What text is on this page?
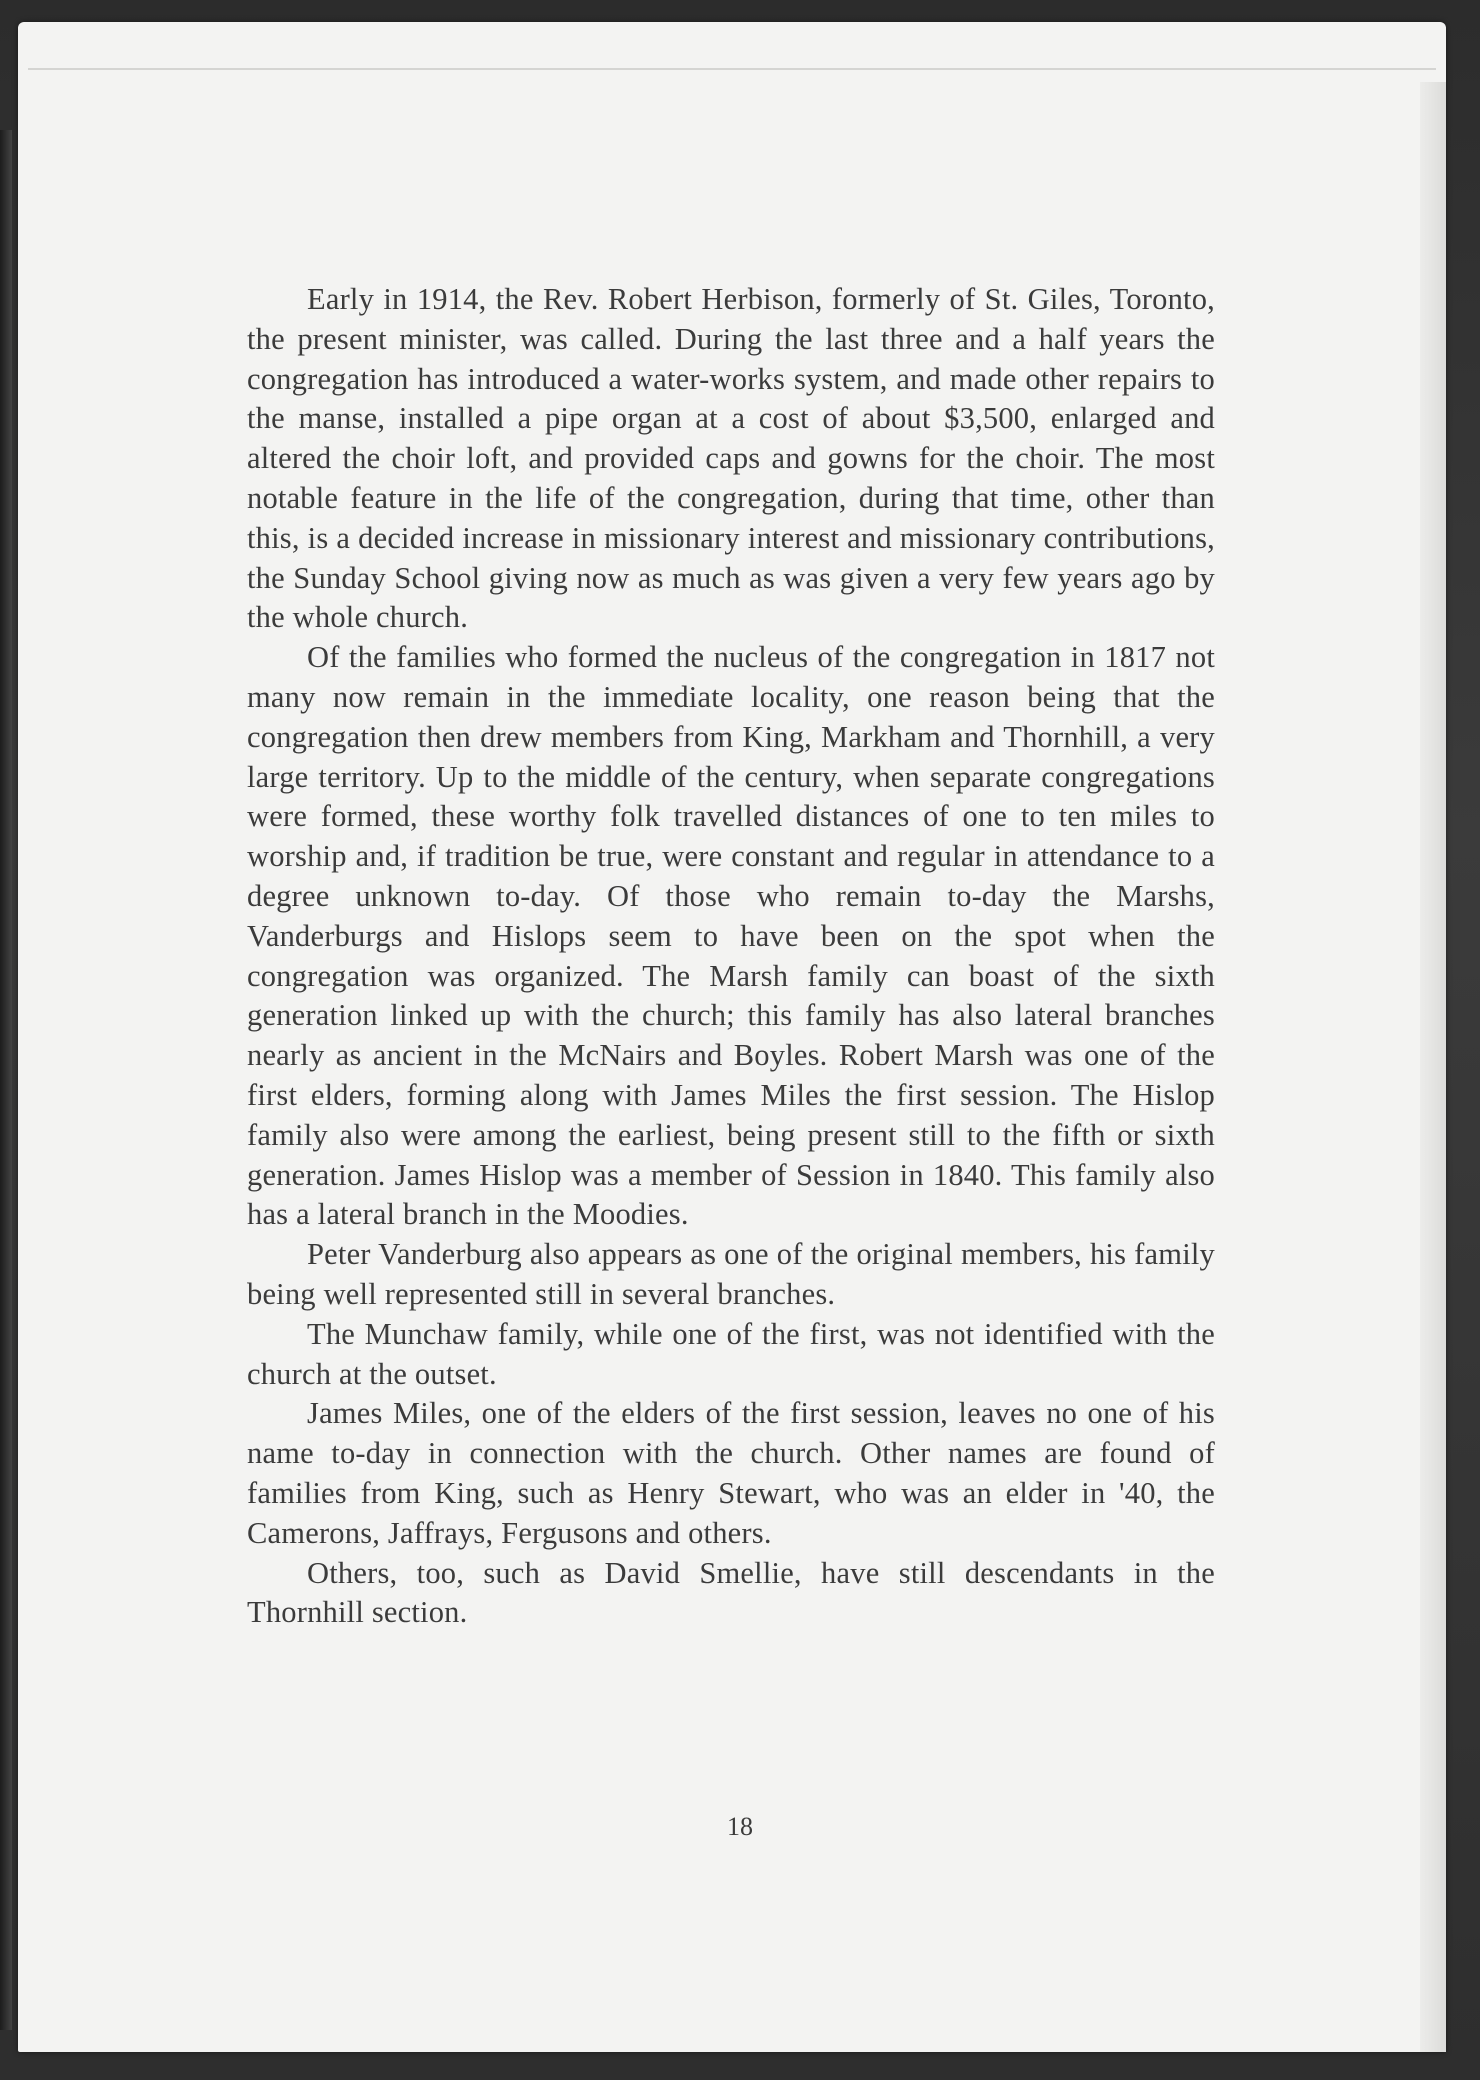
Early in 1914, the Rev. Robert Herbison, formerly of St. Giles, Toronto, the present minister, was called. During the last three and a half years the congregation has introduced a water-works system, and made other repairs to the manse, installed a pipe organ at a cost of about $3,500, enlarged and altered the choir loft, and provided caps and gowns for the choir. The most notable feature in the life of the congregation, during that time, other than this, is a decided increase in missionary interest and missionary contributions, the Sunday School giving now as much as was given a very few years ago by the whole church.

Of the families who formed the nucleus of the congregation in 1817 not many now remain in the immediate locality, one reason being that the congregation then drew members from King, Markham and Thornhill, a very large territory. Up to the middle of the century, when separate congregations were formed, these worthy folk travelled distances of one to ten miles to worship and, if tradition be true, were constant and regular in attendance to a degree unknown to-day. Of those who remain to-day the Marshs, Vanderburgs and Hislops seem to have been on the spot when the congregation was organized. The Marsh family can boast of the sixth generation linked up with the church; this family has also lateral branches nearly as ancient in the McNairs and Boyles. Robert Marsh was one of the first elders, forming along with James Miles the first session. The Hislop family also were among the earliest, being present still to the fifth or sixth generation. James Hislop was a member of Session in 1840. This family also has a lateral branch in the Moodies.

Peter Vanderburg also appears as one of the original members, his family being well represented still in several branches.

The Munchaw family, while one of the first, was not identified with the church at the outset.

James Miles, one of the elders of the first session, leaves no one of his name to-day in connection with the church. Other names are found of families from King, such as Henry Stewart, who was an elder in '40, the Camerons, Jaffrays, Fergusons and others.

Others, too, such as David Smellie, have still descendants in the Thornhill section.

18
